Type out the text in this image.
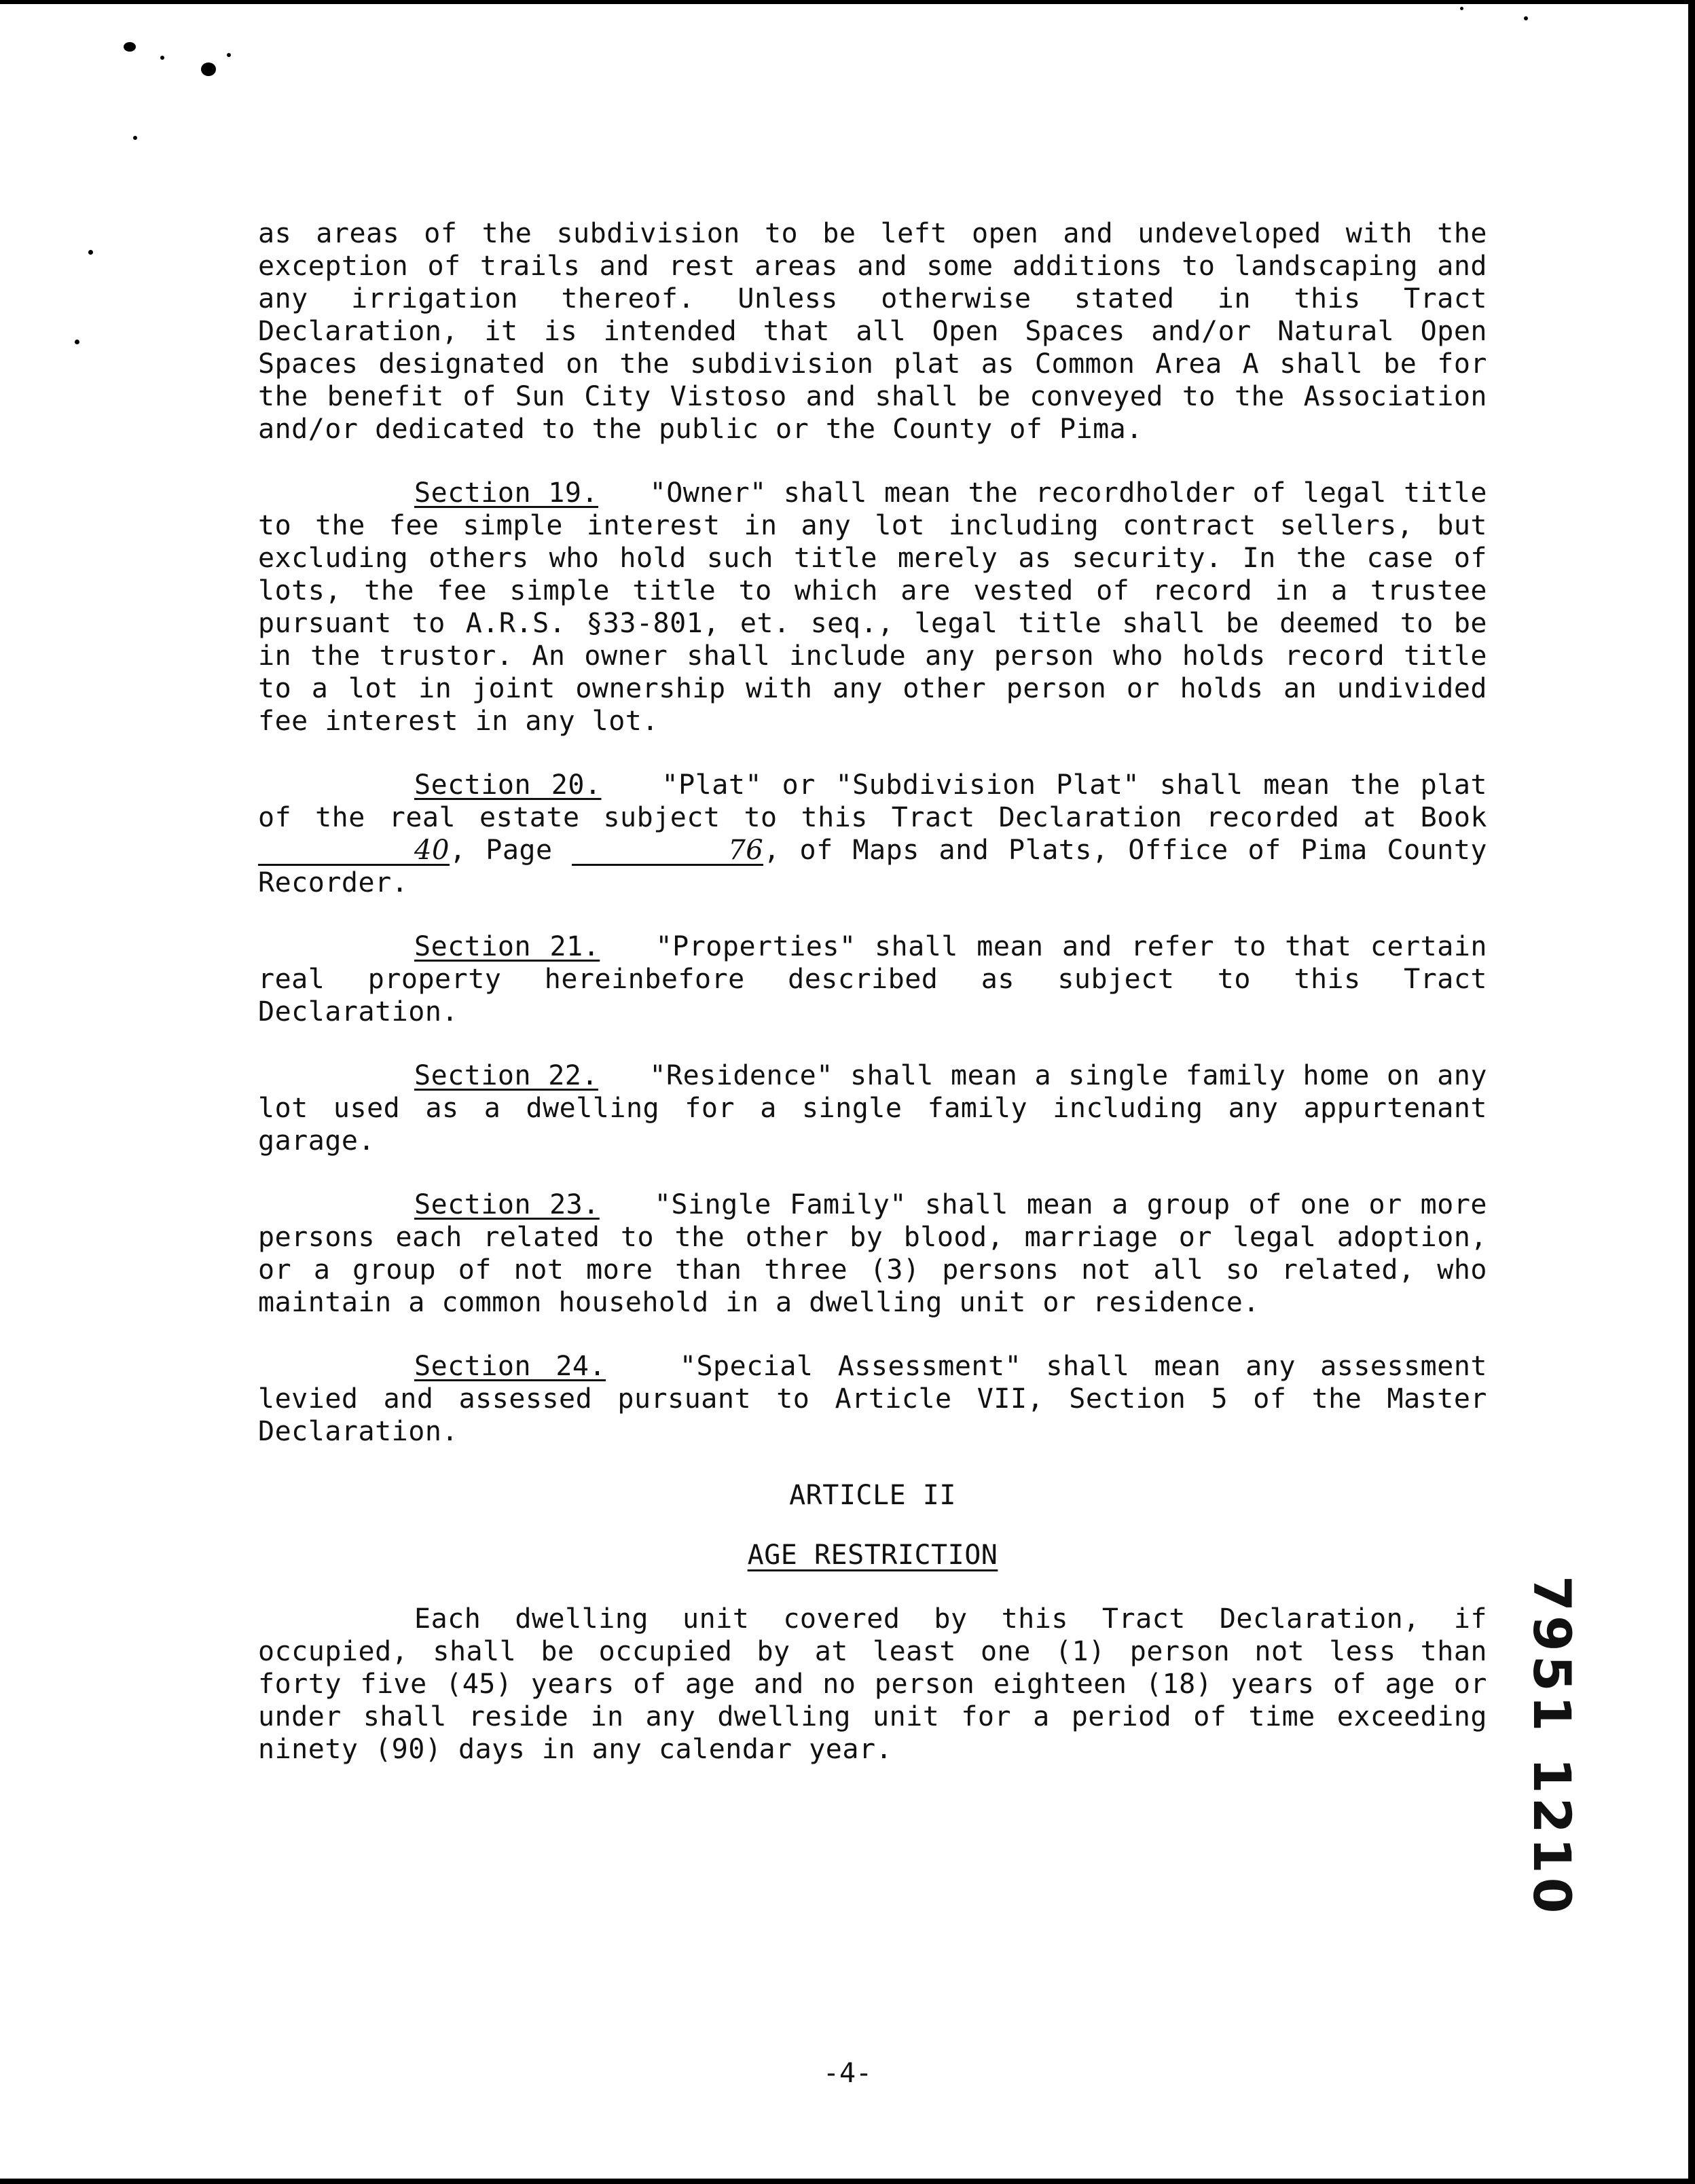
as areas of the subdivision to be left open and undeveloped with the exception of trails and rest areas and some additions to landscaping and any irrigation thereof. Unless otherwise stated in this Tract Declaration, it is intended that all Open Spaces and/or Natural Open Spaces designated on the subdivision plat as Common Area A shall be for the benefit of Sun City Vistoso and shall be conveyed to the Association and/or dedicated to the public or the County of Pima.

Section 19. "Owner" shall mean the recordholder of legal title to the fee simple interest in any lot including contract sellers, but excluding others who hold such title merely as security. In the case of lots, the fee simple title to which are vested of record in a trustee pursuant to A.R.S. §33-801, et. seq., legal title shall be deemed to be in the trustor. An owner shall include any person who holds record title to a lot in joint ownership with any other person or holds an undivided fee interest in any lot.

Section 20. "Plat" or "Subdivision Plat" shall mean the plat of the real estate subject to this Tract Declaration recorded at Book 40, Page	76, of Maps and Plats, Office of Pima County Recorder.

Section 21. "Properties" shall mean and refer to that certain real property hereinbefore described as subject to this Tract Declaration.

Section 22. "Residence" shall mean a single family home on any lot used as a dwelling for a single family including any appurtenant garage.

Section 23. "Single Family" shall mean a group of one or more persons each related to the other by blood, marriage or legal adoption, or a group of not more than three (3) persons not all so related, who maintain a common household in a dwelling unit or residence.

Section 24.	"Special Assessment" shall mean any assessment levied and assessed pursuant to Article VII, Section 5 of the Master Declaration.

ARTICLE II

AGE RESTRICTION

Each dwelling unit covered by this Tract Declaration, if occupied, shall be occupied by at least one (1) person not less than forty five (45) years of age and no person eighteen (18) years of age or under shall reside in any dwelling unit for a period of time exceeding ninety (90) days in any calendar year.	7951 1210
-4-
